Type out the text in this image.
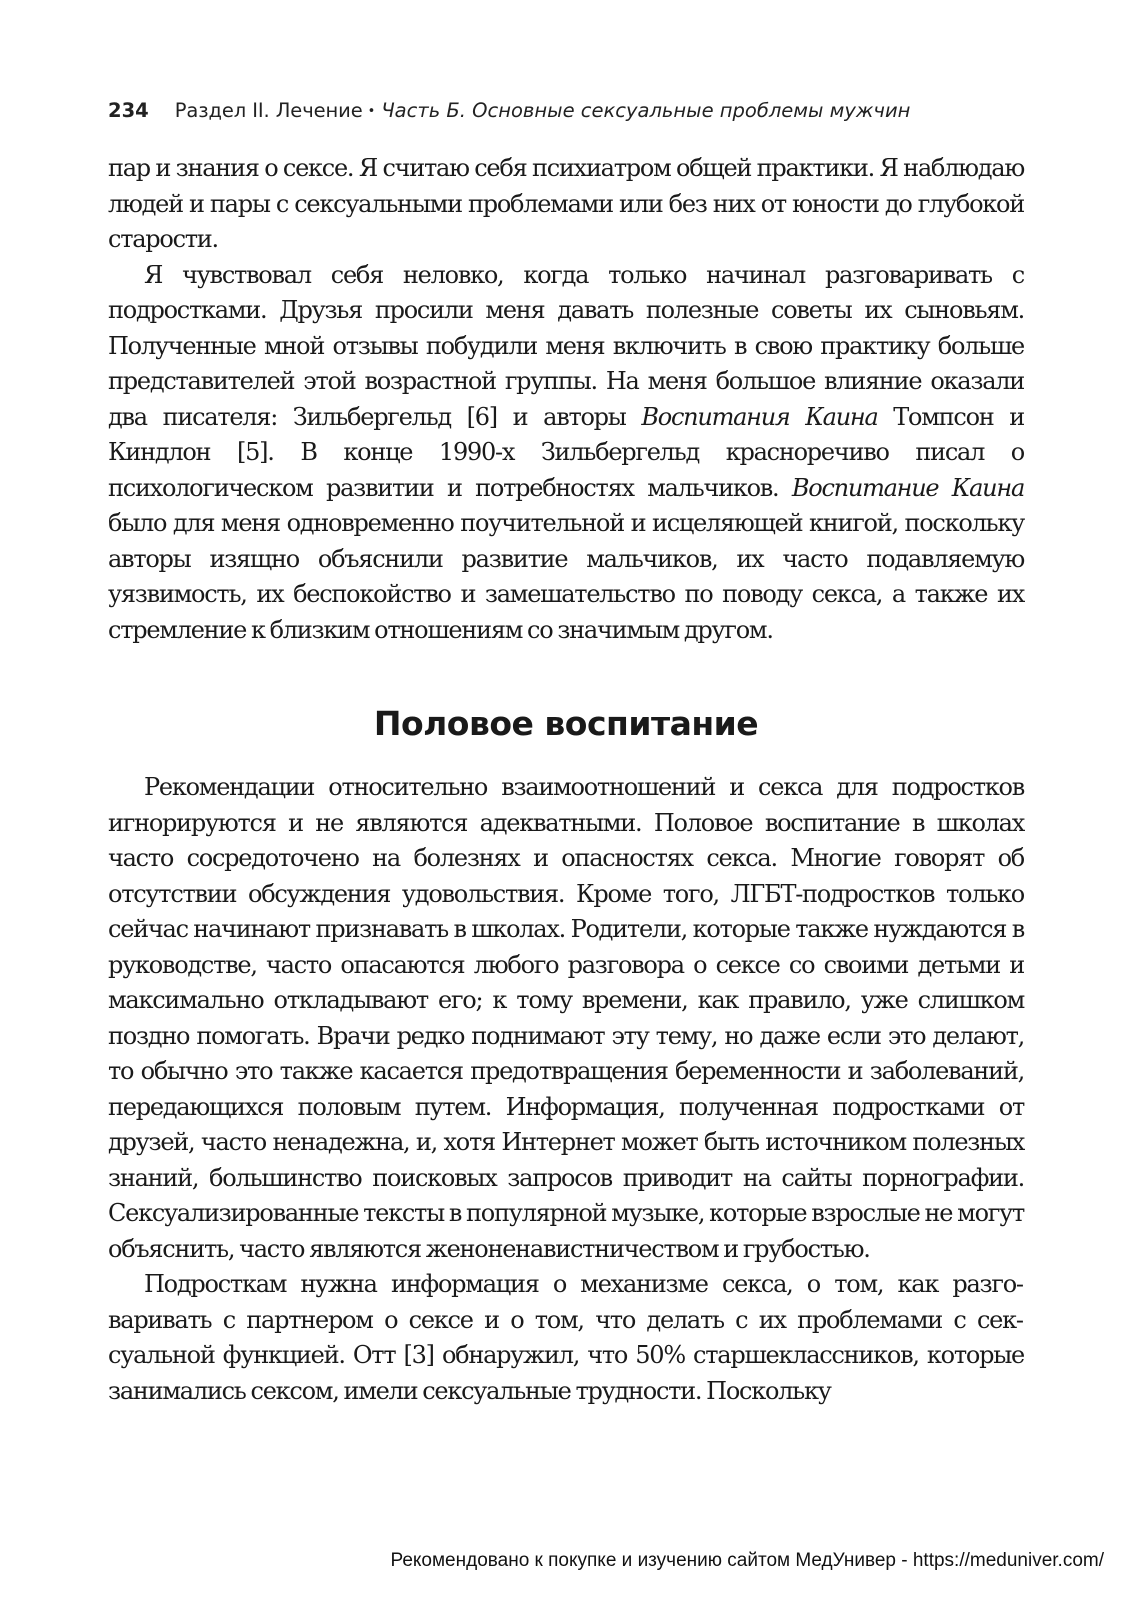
234 Раздел II. Лечение • Часть Б. Основные сексуальные проблемы мужчин

пар и знания о сексе. Я считаю себя психиатром общей практики. Я наблюдаю людей и пары с сексуальными проблемами или без них от юности до глубокой старости.

Я чувствовал себя неловко, когда только начинал разговаривать с подростками. Друзья просили меня давать полезные советы их сыновьям. Полученные мной отзывы побудили меня включить в свою практику больше представителей этой возрастной группы. На меня большое влияние оказали два писателя: Зильбергельд [6] и авторы Воспитания Каина Томпсон и Киндлон [5]. В конце 1990-х Зильбергельд красноречиво писал о психологическом развитии и потребностях мальчиков. Воспитание Каина было для меня одновременно поучительной и исцеляющей книгой, поскольку авторы изящно объяснили развитие мальчиков, их часто подавляемую уязвимость, их беспокойство и замешательство по поводу секса, а также их стремление к близким отношениям со значимым другом.

Половое воспитание

Рекомендации относительно взаимоотношений и секса для подростков игнорируются и не являются адекватными. Половое воспитание в школах часто сосредоточено на болезнях и опасностях секса. Многие говорят об отсутствии обсуждения удовольствия. Кроме того, ЛГБТ-подростков только сейчас начинают признавать в школах. Родители, которые также нуждаются в руководстве, часто опасаются любого разговора о сексе со своими детьми и максимально откладывают его; к тому времени, как правило, уже слишком поздно помогать. Врачи редко поднимают эту тему, но даже если это делают, то обычно это также касается предотвращения беременности и заболеваний, передающихся половым путем. Информация, полученная подростками от друзей, часто ненадежна, и, хотя Интернет может быть источником полезных знаний, большинство поисковых запросов приводит на сайты порнографии. Сексуализированные тексты в популярной музыке, которые взрослые не могут объяснить, часто являются женоненавистничеством и грубостью.

Подросткам нужна информация о механизме секса, о том, как разговаривать с партнером о сексе и о том, что делать с их проблемами с сексуальной функцией. Отт [3] обнаружил, что 50% старшеклассников, которые занимались сексом, имели сексуальные трудности. Поскольку

Рекомендовано к покупке и изучению сайтом МедУнивер - https://meduniver.com/
